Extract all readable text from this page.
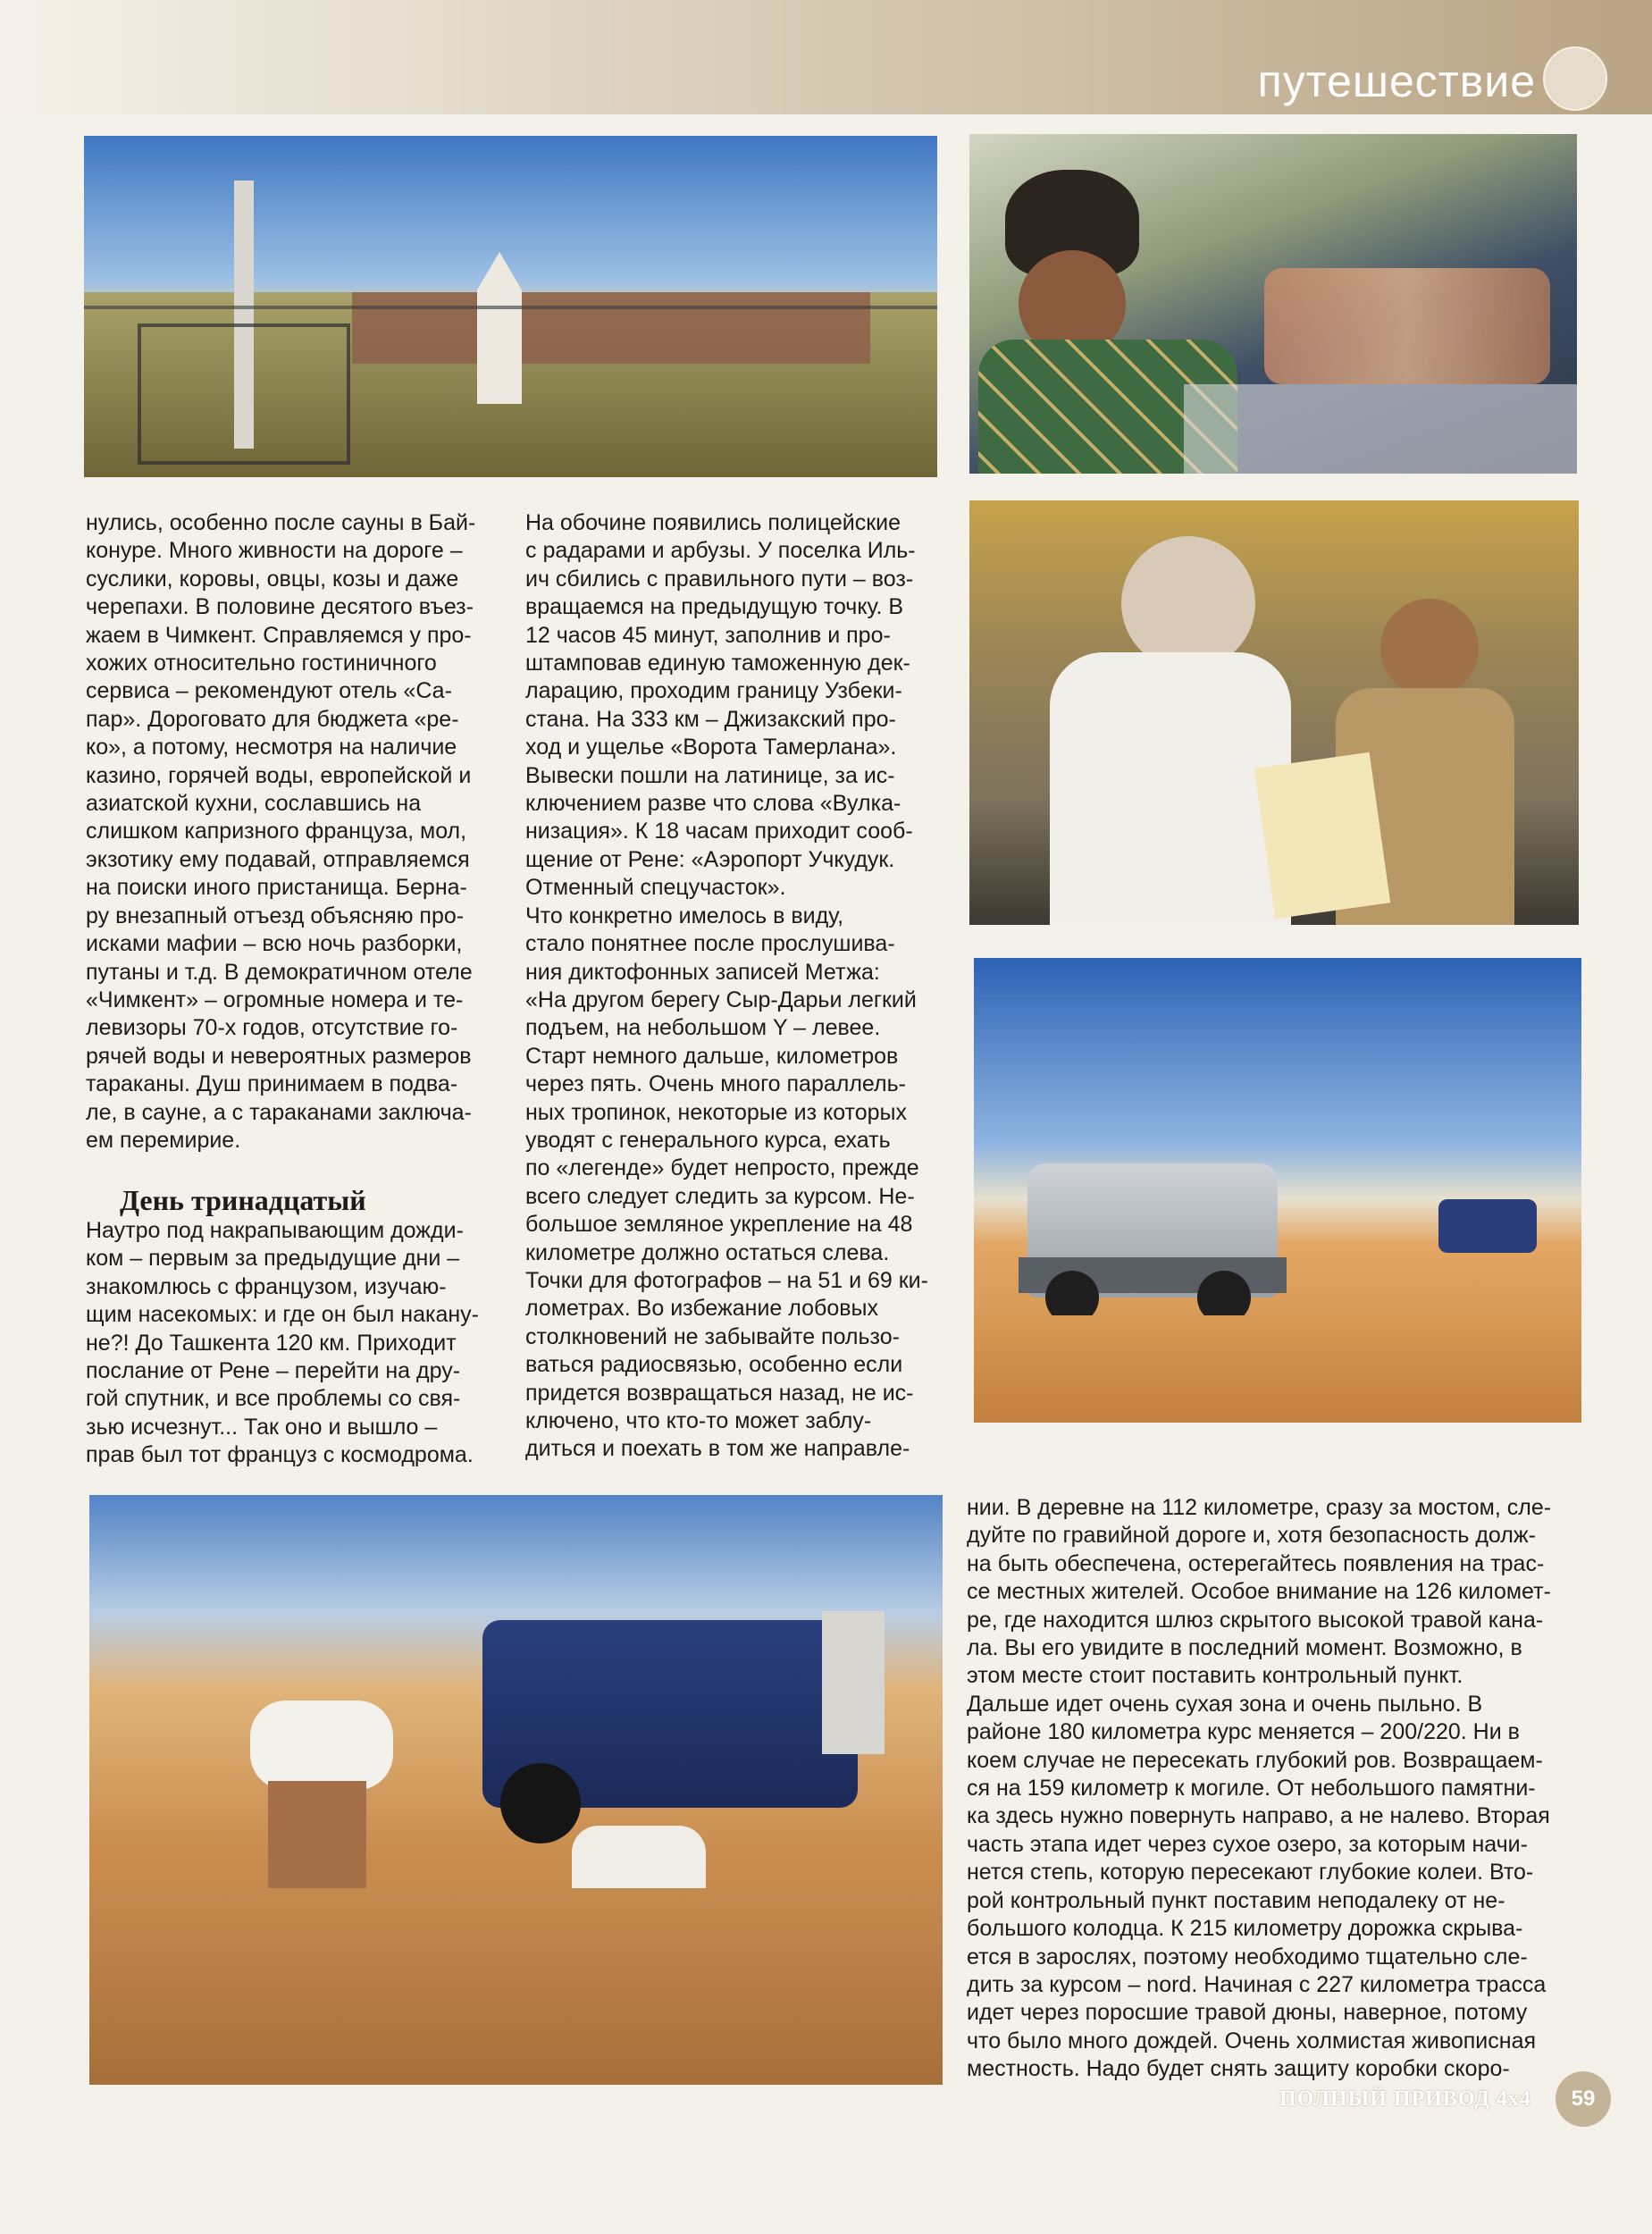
путешествие

нулись, особенно после сауны в Бай-
конуре. Много живности на дороге –
суслики, коровы, овцы, козы и даже
черепахи. В половине десятого въез-
жаем в Чимкент. Справляемся у про-
хожих относительно гостиничного
сервиса – рекомендуют отель «Са-
пар». Дороговато для бюджета «ре-
ко», а потому, несмотря на наличие
казино, горячей воды, европейской и
азиатской кухни, сославшись на
слишком капризного француза, мол,
экзотику ему подавай, отправляемся
на поиски иного пристанища. Берна-
ру внезапный отъезд объясняю про-
исками мафии – всю ночь разборки,
путаны и т.д. В демократичном отеле
«Чимкент» – огромные номера и те-
левизоры 70-х годов, отсутствие го-
рячей воды и невероятных размеров
тараканы. Душ принимаем в подва-
ле, в сауне, а с тараканами заключа-
ем перемирие.

День тринадцатый

Наутро под накрапывающим дожди-
ком – первым за предыдущие дни –
знакомлюсь с французом, изучаю-
щим насекомых: и где он был накану-
не?! До Ташкента 120 км. Приходит
послание от Рене – перейти на дру-
гой спутник, и все проблемы со свя-
зью исчезнут... Так оно и вышло –
прав был тот француз с космодрома.

На обочине появились полицейские
с радарами и арбузы. У поселка Иль-
ич сбились с правильного пути – воз-
вращаемся на предыдущую точку. В
12 часов 45 минут, заполнив и про-
штамповав единую таможенную дек-
ларацию, проходим границу Узбеки-
стана. На 333 км – Джизакский про-
ход и ущелье «Ворота Тамерлана».
Вывески пошли на латинице, за ис-
ключением разве что слова «Вулка-
низация». К 18 часам приходит сооб-
щение от Рене: «Аэропорт Учкудук.
Отменный спецучасток».

Что конкретно имелось в виду,
стало понятнее после прослушива-
ния диктофонных записей Метжа:
«На другом берегу Сыр-Дарьи легкий
подъем, на небольшом Y – левее.
Старт немного дальше, километров
через пять. Очень много параллель-
ных тропинок, некоторые из которых
уводят с генерального курса, ехать
по «легенде» будет непросто, прежде
всего следует следить за курсом. Не-
большое земляное укрепление на 48
километре должно остаться слева.
Точки для фотографов – на 51 и 69 ки-
лометрах. Во избежание лобовых
столкновений не забывайте пользо-
ваться радиосвязью, особенно если
придется возвращаться назад, не ис-
ключено, что кто-то может заблу-
диться и поехать в том же направле-

нии. В деревне на 112 километре, сразу за мостом, сле-
дуйте по гравийной дороге и, хотя безопасность долж-
на быть обеспечена, остерегайтесь появления на трас-
се местных жителей. Особое внимание на 126 километ-
ре, где находится шлюз скрытого высокой травой кана-
ла. Вы его увидите в последний момент. Возможно, в
этом месте стоит поставить контрольный пункт.

Дальше идет очень сухая зона и очень пыльно. В
районе 180 километра курс меняется – 200/220. Ни в
коем случае не пересекать глубокий ров. Возвращаем-
ся на 159 километр к могиле. От небольшого памятни-
ка здесь нужно повернуть направо, а не налево. Вторая
часть этапа идет через сухое озеро, за которым начи-
нется степь, которую пересекают глубокие колеи. Вто-
рой контрольный пункт поставим неподалеку от не-
большого колодца. К 215 километру дорожка скрыва-
ется в зарослях, поэтому необходимо тщательно сле-
дить за курсом – nord. Начиная с 227 километра трасса
идет через поросшие травой дюны, наверное, потому
что было много дождей. Очень холмистая живописная
местность. Надо будет снять защиту коробки скоро-

ПОЛНЫЙ ПРИВОД 4x4	59
